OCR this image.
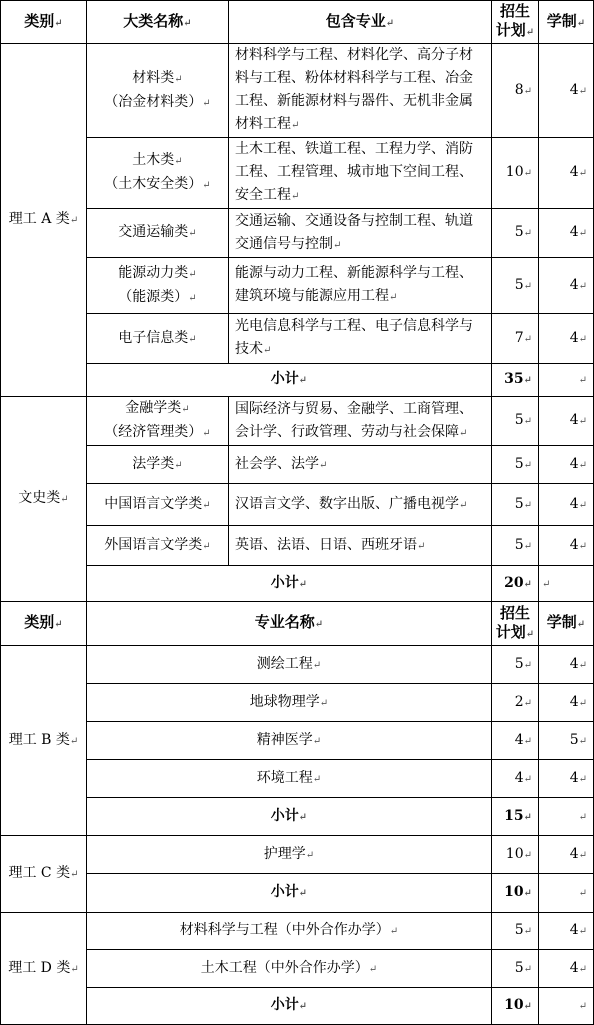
类别↵	大类名称↵	包含专业↵	招生
计划↵	学制↵
理工 A 类↵	材料类↵
（冶金材料类）↵	材料科学与工程、材料化学、高分子材料与工程、粉体材料科学与工程、冶金工程、新能源材料与器件、无机非金属材料工程↵	8↵	4↵
	土木类↵
（土木安全类）↵	土木工程、铁道工程、工程力学、消防工程、工程管理、城市地下空间工程、安全工程↵	10↵	4↵
	交通运输类↵	交通运输、交通设备与控制工程、轨道交通信号与控制↵	5↵	4↵
	能源动力类↵
（能源类）↵	能源与动力工程、新能源科学与工程、建筑环境与能源应用工程↵	5↵	4↵
	电子信息类↵	光电信息科学与工程、电子信息科学与技术↵	7↵	4↵
	小计↵		35↵	↵
文史类↵	金融学类↵
（经济管理类）↵	国际经济与贸易、金融学、工商管理、会计学、行政管理、劳动与社会保障↵	5↵	4↵
	法学类↵	社会学、法学↵	5↵	4↵
	中国语言文学类↵	汉语言文学、数字出版、广播电视学↵	5↵	4↵
	外国语言文学类↵	英语、法语、日语、西班牙语↵	5↵	4↵
	小计↵		20↵	↵
类别↵	专业名称↵		招生
计划↵	学制↵
理工 B 类↵	测绘工程↵		5↵	4↵
	地球物理学↵		2↵	4↵
	精神医学↵		4↵	5↵
	环境工程↵		4↵	4↵
	小计↵		15↵	↵
理工 C 类↵	护理学↵		10↵	4↵
	小计↵		10↵	↵
理工 D 类↵	材料科学与工程（中外合作办学）↵		5↵	4↵
	土木工程（中外合作办学）↵		5↵	4↵
	小计↵		10↵	↵
